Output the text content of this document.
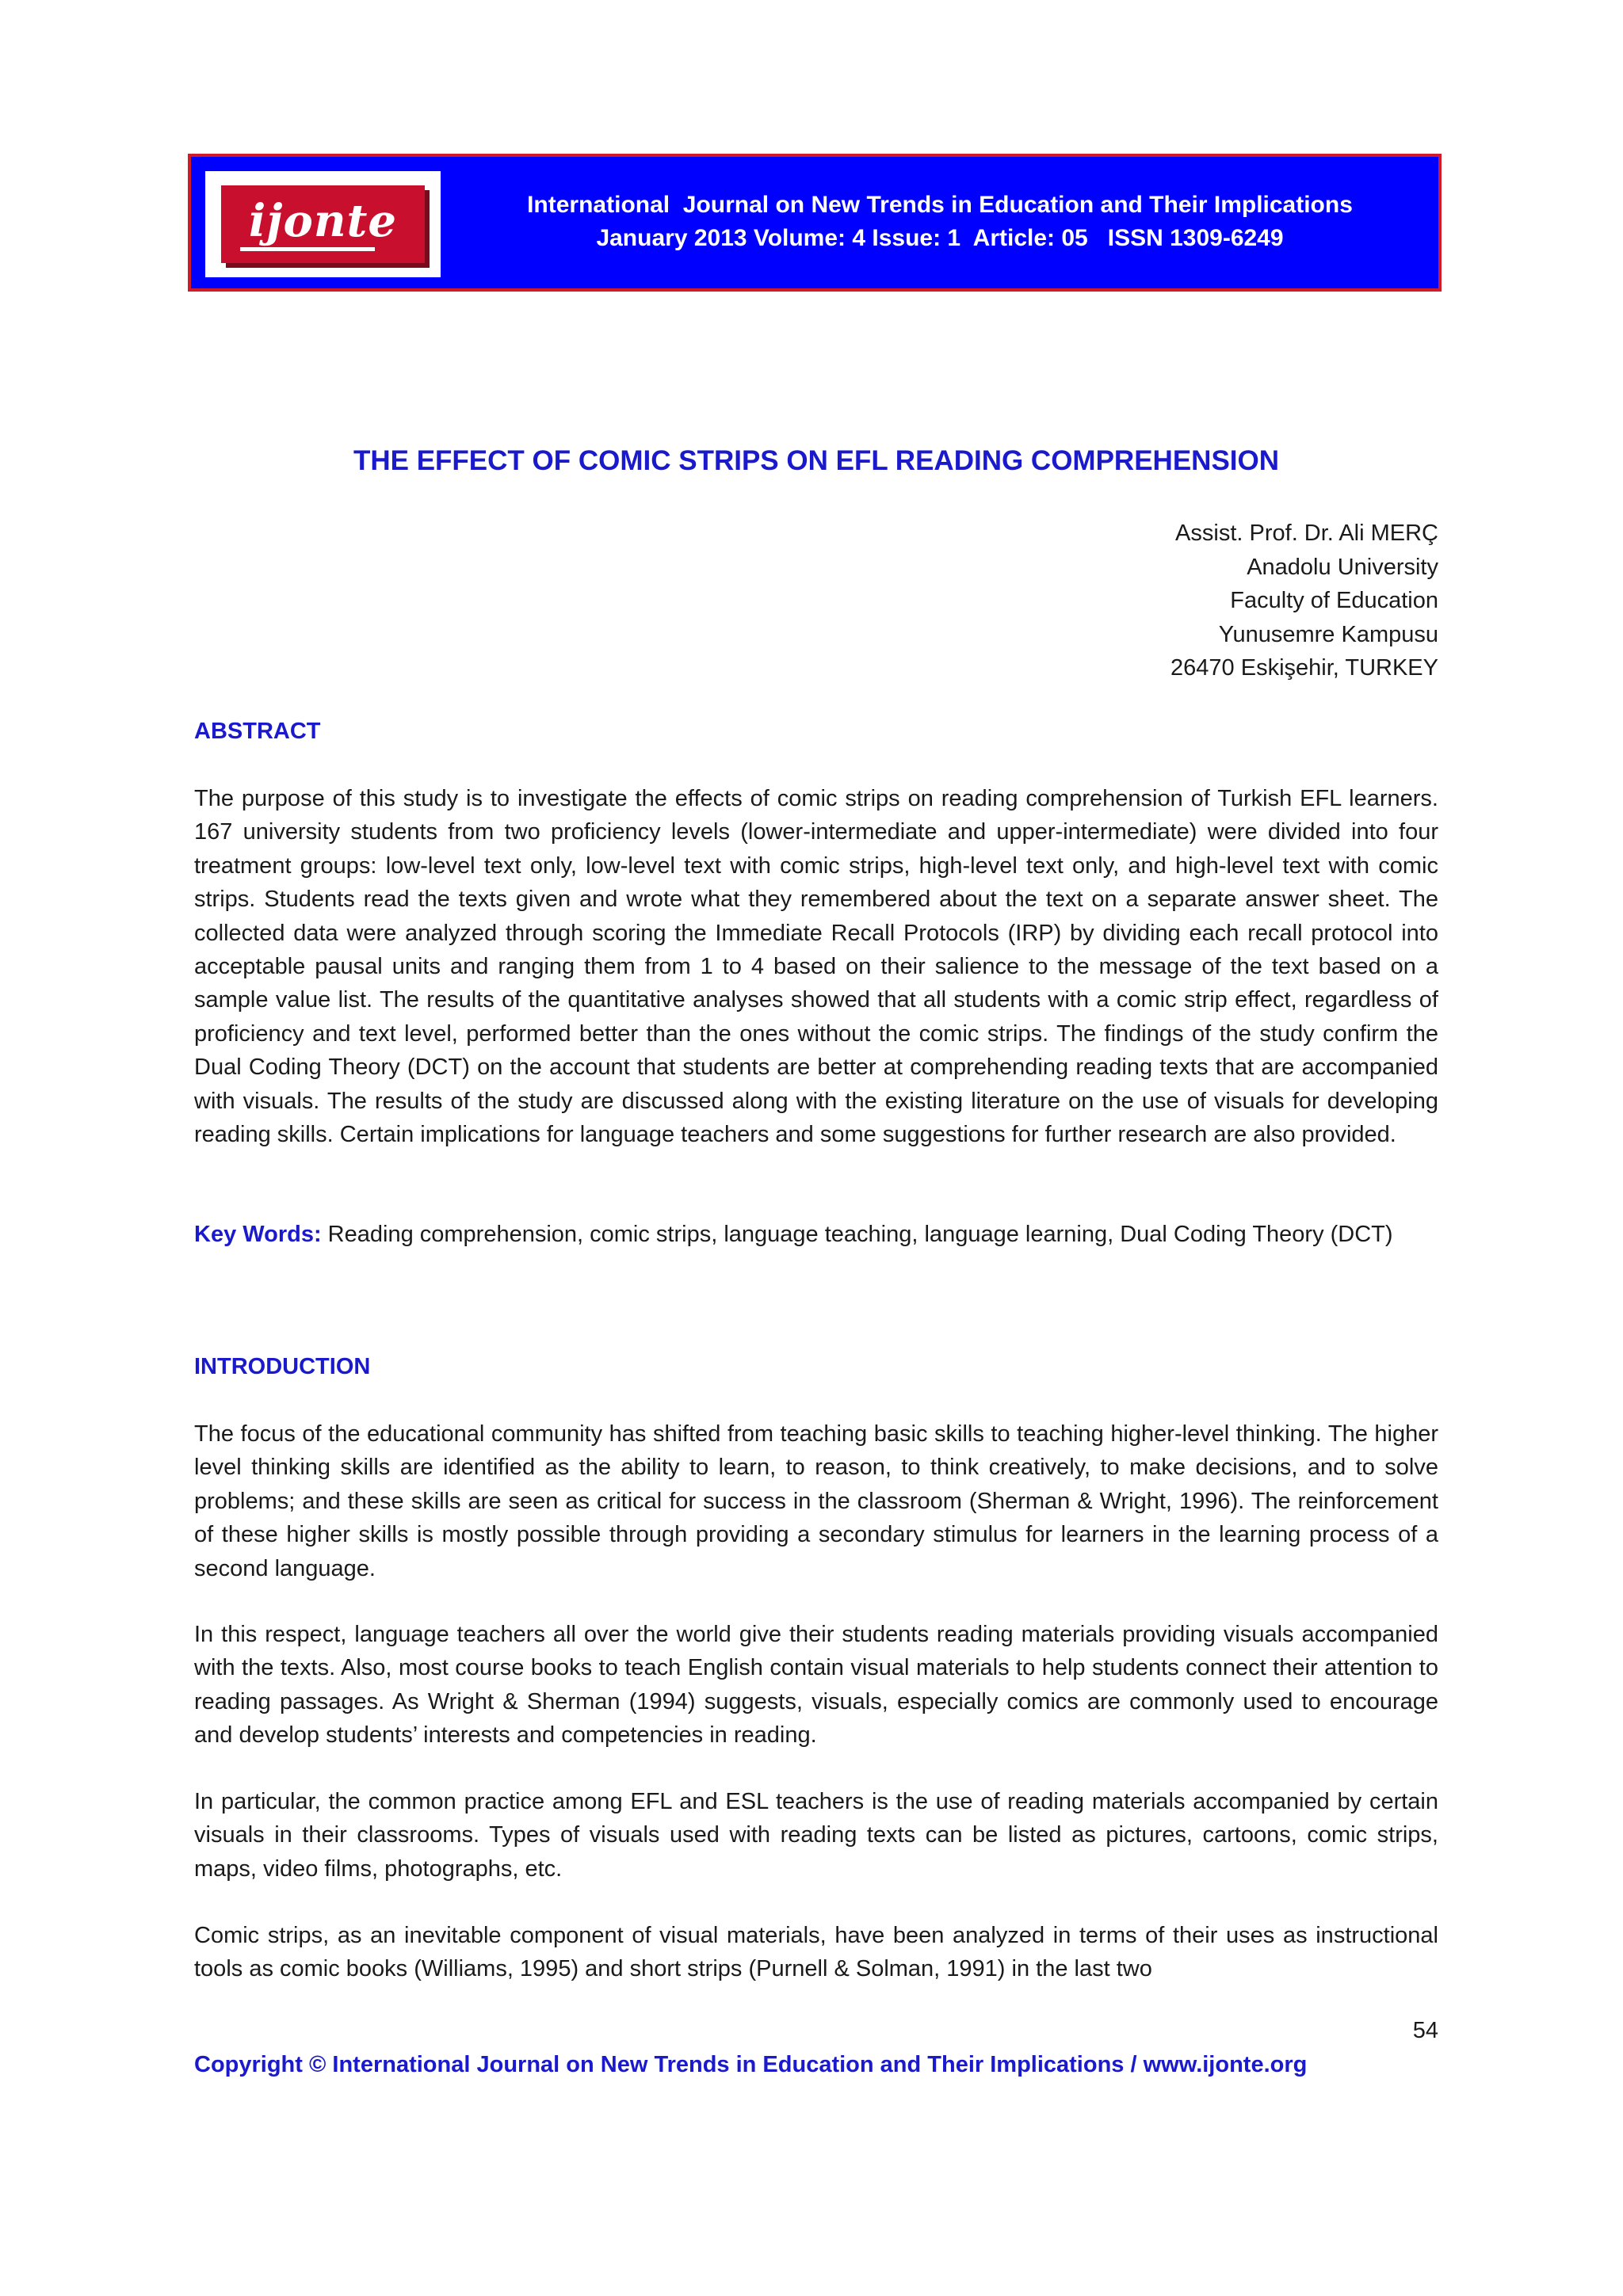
ijonte	International  Journal on New Trends in Education and Their Implications
January 2013 Volume: 4 Issue: 1  Article: 05   ISSN 1309-6249
THE EFFECT OF COMIC STRIPS ON EFL READING COMPREHENSION
Assist. Prof. Dr. Ali MERÇ
Anadolu University
Faculty of Education
Yunusemre Kampusu
26470 Eskişehir, TURKEY
ABSTRACT
The purpose of this study is to investigate the effects of comic strips on reading comprehension of Turkish EFL learners. 167 university students from two proficiency levels (lower-intermediate and upper-intermediate) were divided into four treatment groups: low-level text only, low-level text with comic strips, high-level text only, and high-level text with comic strips. Students read the texts given and wrote what they remembered about the text on a separate answer sheet. The collected data were analyzed through scoring the Immediate Recall Protocols (IRP) by dividing each recall protocol into acceptable pausal units and ranging them from 1 to 4 based on their salience to the message of the text based on a sample value list. The results of the quantitative analyses showed that all students with a comic strip effect, regardless of proficiency and text level, performed better than the ones without the comic strips. The findings of the study confirm the Dual Coding Theory (DCT) on the account that students are better at comprehending reading texts that are accompanied with visuals. The results of the study are discussed along with the existing literature on the use of visuals for developing reading skills. Certain implications for language teachers and some suggestions for further research are also provided.
Key Words: Reading comprehension, comic strips, language teaching, language learning, Dual Coding Theory (DCT)
INTRODUCTION
The focus of the educational community has shifted from teaching basic skills to teaching higher-level thinking. The higher level thinking skills are identified as the ability to learn, to reason, to think creatively, to make decisions, and to solve problems; and these skills are seen as critical for success in the classroom (Sherman & Wright, 1996). The reinforcement of these higher skills is mostly possible through providing a secondary stimulus for learners in the learning process of a second language.
In this respect, language teachers all over the world give their students reading materials providing visuals accompanied with the texts. Also, most course books to teach English contain visual materials to help students connect their attention to reading passages. As Wright & Sherman (1994) suggests, visuals, especially comics are commonly used to encourage and develop students’ interests and competencies in reading.
In particular, the common practice among EFL and ESL teachers is the use of reading materials accompanied by certain visuals in their classrooms. Types of visuals used with reading texts can be listed as pictures, cartoons, comic strips, maps, video films, photographs, etc.
Comic strips, as an inevitable component of visual materials, have been analyzed in terms of their uses as instructional tools as comic books (Williams, 1995) and short strips (Purnell & Solman, 1991) in the last two
54
Copyright © International Journal on New Trends in Education and Their Implications / www.ijonte.org
